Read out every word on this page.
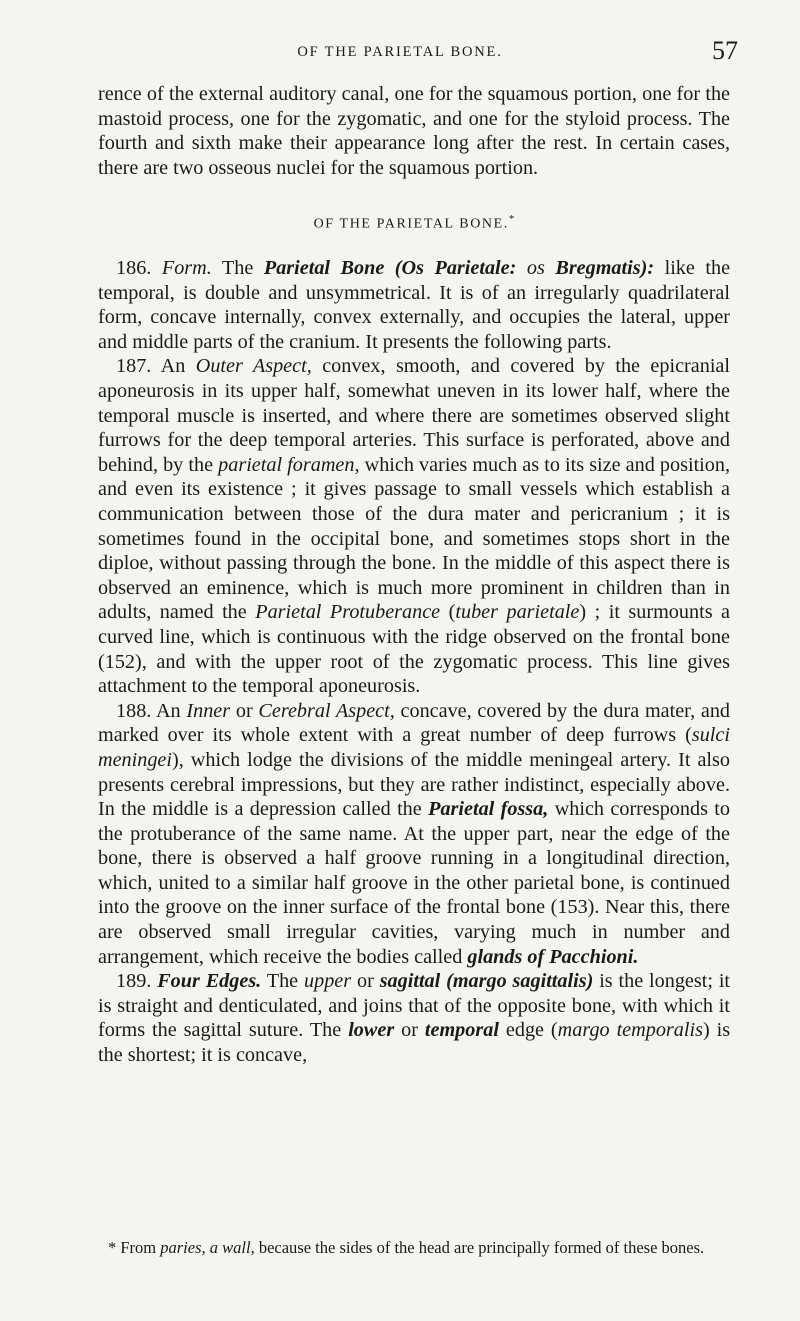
OF THE PARIETAL BONE.	57

rence of the external auditory canal, one for the squamous portion, one for the mastoid process, one for the zygomatic, and one for the styloid process. The fourth and sixth make their appearance long after the rest. In certain cases, there are two osseous nuclei for the squamous portion.

OF THE PARIETAL BONE.*

186. Form. The Parietal Bone (Os Parietale: os Bregmatis): like the temporal, is double and unsymmetrical. It is of an irregularly quadrilateral form, concave internally, convex externally, and occupies the lateral, upper and middle parts of the cranium. It presents the following parts.

187. An Outer Aspect, convex, smooth, and covered by the epicranial aponeurosis in its upper half, somewhat uneven in its lower half, where the temporal muscle is inserted, and where there are sometimes observed slight furrows for the deep temporal arteries. This surface is perforated, above and behind, by the parietal foramen, which varies much as to its size and position, and even its existence ; it gives passage to small vessels which establish a communication between those of the dura mater and pericranium ; it is sometimes found in the occipital bone, and sometimes stops short in the diploe, without passing through the bone. In the middle of this aspect there is observed an eminence, which is much more prominent in children than in adults, named the Parietal Protuberance (tuber parietale) ; it surmounts a curved line, which is continuous with the ridge observed on the frontal bone (152), and with the upper root of the zygomatic process. This line gives attachment to the temporal aponeurosis.

188. An Inner or Cerebral Aspect, concave, covered by the dura mater, and marked over its whole extent with a great number of deep furrows (sulci meningei), which lodge the divisions of the middle meningeal artery. It also presents cerebral impressions, but they are rather indistinct, especially above. In the middle is a depression called the Parietal fossa, which corresponds to the protuberance of the same name. At the upper part, near the edge of the bone, there is observed a half groove running in a longitudinal direction, which, united to a similar half groove in the other parietal bone, is continued into the groove on the inner surface of the frontal bone (153). Near this, there are observed small irregular cavities, varying much in number and arrangement, which receive the bodies called glands of Pacchioni.

189. Four Edges. The upper or sagittal (margo sagittalis) is the longest; it is straight and denticulated, and joins that of the opposite bone, with which it forms the sagittal suture. The lower or temporal edge (margo temporalis) is the shortest; it is concave,

* From paries, a wall, because the sides of the head are principally formed of these bones.
